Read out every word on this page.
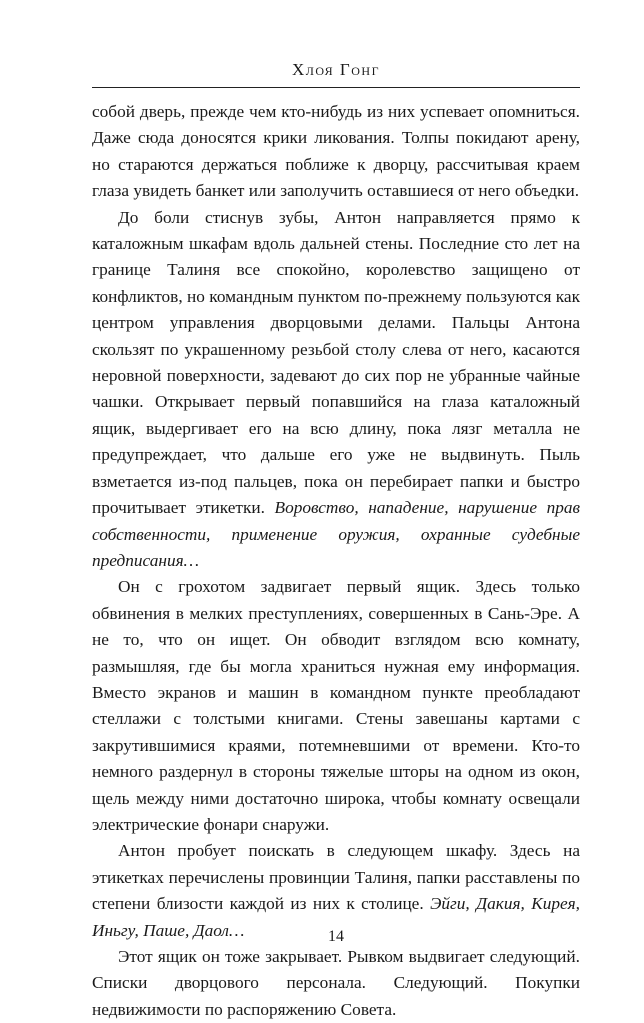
Хлоя Гонг

собой дверь, прежде чем кто-нибудь из них успевает опомниться. Даже сюда доносятся крики ликования. Толпы покидают арену, но стараются держаться поближе к дворцу, рассчитывая краем глаза увидеть банкет или заполучить оставшиеся от него объедки.

До боли стиснув зубы, Антон направляется прямо к каталожным шкафам вдоль дальней стены. Последние сто лет на границе Талиня все спокойно, королевство защищено от конфликтов, но командным пунктом по-прежнему пользуются как центром управления дворцовыми делами. Пальцы Антона скользят по украшенному резьбой столу слева от него, касаются неровной поверхности, задевают до сих пор не убранные чайные чашки. Открывает первый попавшийся на глаза каталожный ящик, выдергивает его на всю длину, пока лязг металла не предупреждает, что дальше его уже не выдвинуть. Пыль взметается из-под пальцев, пока он перебирает папки и быстро прочитывает этикетки. Воровство, нападение, нарушение прав собственности, применение оружия, охранные судебные предписания…

Он с грохотом задвигает первый ящик. Здесь только обвинения в мелких преступлениях, совершенных в Сань-Эре. А не то, что он ищет. Он обводит взглядом всю комнату, размышляя, где бы могла храниться нужная ему информация. Вместо экранов и машин в командном пункте преобладают стеллажи с толстыми книгами. Стены завешаны картами с закрутившимися краями, потемневшими от времени. Кто-то немного раздернул в стороны тяжелые шторы на одном из окон, щель между ними достаточно широка, чтобы комнату освещали электрические фонари снаружи.

Антон пробует поискать в следующем шкафу. Здесь на этикетках перечислены провинции Талиня, папки расставлены по степени близости каждой из них к столице. Эйги, Дакия, Кирея, Иньгу, Паше, Даол…

Этот ящик он тоже закрывает. Рывком выдвигает следующий. Списки дворцового персонала. Следующий. Покупки недвижимости по распоряжению Совета.

14
